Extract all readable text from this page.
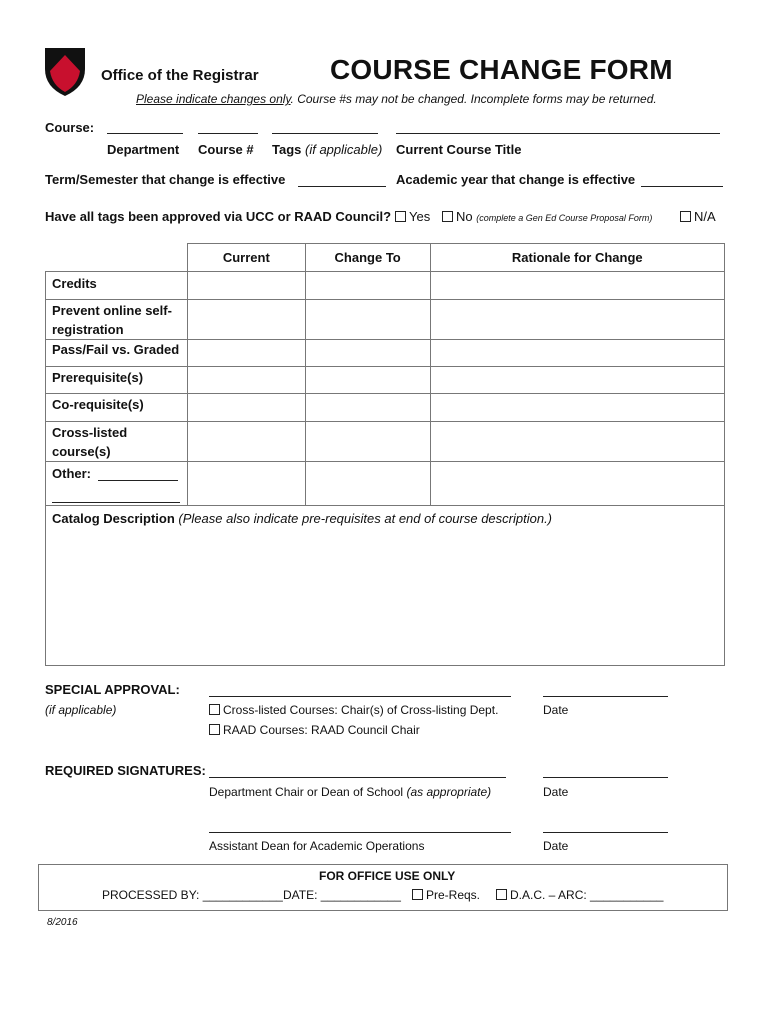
Office of the Registrar	COURSE CHANGE FORM
Please indicate changes only. Course #s may not be changed. Incomplete forms may be returned.
Course:
Department Course # Tags (if applicable) Current Course Title
Term/Semester that change is effective	Academic year that change is effective
Have all tags been approved via UCC or RAAD Council?	Yes	No (complete a Gen Ed Course Proposal Form)	N/A
	Current	Change To	Rationale for Change
Credits			
Prevent online self-registration			
Pass/Fail vs. Graded			
Prerequisite(s)			
Co-requisite(s)			
Cross-listed course(s)			
Other:

Catalog Description (Please also indicate pre-requisites at end of course description.)			
SPECIAL APPROVAL:
(if applicable)	Cross-listed Courses: Chair(s) of Cross-listing Dept.
RAAD Courses: RAAD Council Chair
Date
REQUIRED SIGNATURES:
Department Chair or Dean of School (as appropriate)	Date
Assistant Dean for Academic Operations	Date
FOR OFFICE USE ONLY
PROCESSED BY: ____________ DATE: ____________	Pre-Reqs.	D.A.C. – ARC: ___________
8/2016
